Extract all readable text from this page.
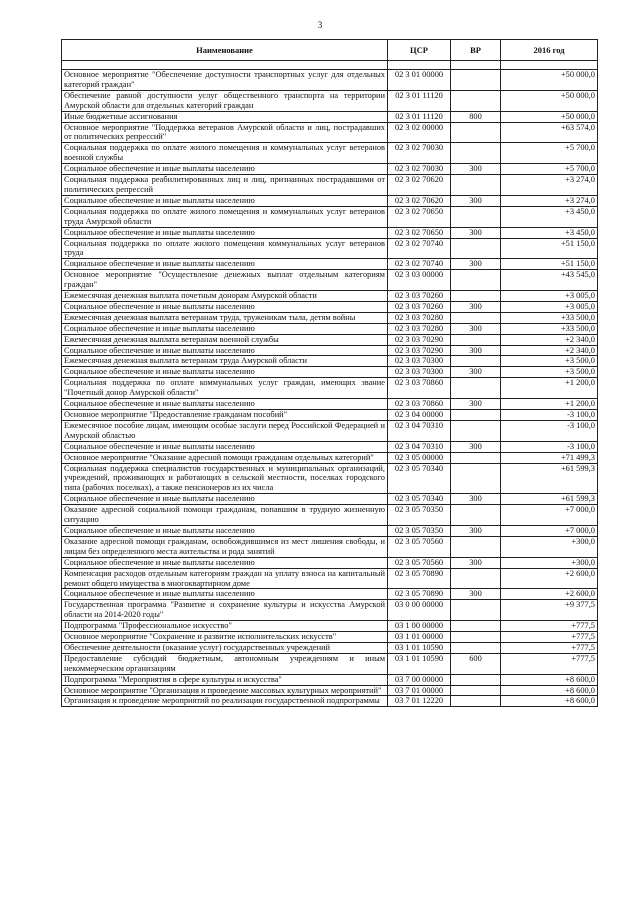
3
Наименование	ЦСР	ВР	2016 год

Основное мероприятие "Обеспечение доступности транспортных услуг для отдельных категорий граждан"	02 3 01 00000		+50 000,0
Обеспечение равной доступности услуг общественного транспорта на территории Амурской области для отдельных категорий граждан	02 3 01 11120		+50 000,0
Иные бюджетные ассигнования	02 3 01 11120	800	+50 000,0
Основное мероприятие "Поддержка ветеранов Амурской области и лиц, пострадавших от политических репрессий"	02 3 02 00000		+63 574,0
Социальная поддержка по оплате жилого помещения и коммунальных услуг ветеранов военной службы	02 3 02 70030		+5 700,0
Социальное обеспечение и иные выплаты населению	02 3 02 70030	300	+5 700,0
Социальная поддержка реабилитированных лиц и лиц, признанных пострадавшими от политических репрессий	02 3 02 70620		+3 274,0
Социальное обеспечение и иные выплаты населению	02 3 02 70620	300	+3 274,0
Социальная поддержка по оплате жилого помещения и коммунальных услуг ветеранов труда Амурской области	02 3 02 70650		+3 450,0
Социальное обеспечение и иные выплаты населению	02 3 02 70650	300	+3 450,0
Социальная поддержка по оплате жилого помещения коммунальных услуг ветеранов труда	02 3 02 70740		+51 150,0
Социальное обеспечение и иные выплаты населению	02 3 02 70740	300	+51 150,0
Основное мероприятие "Осуществление денежных выплат отдельным категориям граждан"	02 3 03 00000		+43 545,0
Ежемесячная денежная выплата почетным донорам Амурской области	02 3 03 70260		+3 005,0
Социальное обеспечение и иные выплаты населению	02 3 03 70260	300	+3 005,0
Ежемесячная денежная выплата ветеранам труда, труженикам тыла, детям войны	02 3 03 70280		+33 500,0
Социальное обеспечение и иные выплаты населению	02 3 03 70280	300	+33 500,0
Ежемесячная денежная выплата ветеранам военной службы	02 3 03 70290		+2 340,0
Социальное обеспечение и иные выплаты населению	02 3 03 70290	300	+2 340,0
Ежемесячная денежная выплата ветеранам труда Амурской области	02 3 03 70300		+3 500,0
Социальное обеспечение и иные выплаты населению	02 3 03 70300	300	+3 500,0
Социальная поддержка по оплате коммунальных услуг граждан, имеющих звание "Почетный донор Амурской области"	02 3 03 70860		+1 200,0
Социальное обеспечение и иные выплаты населению	02 3 03 70860	300	+1 200,0
Основное мероприятие "Предоставление гражданам пособий"	02 3 04 00000		-3 100,0
Ежемесячное пособие лицам, имеющим особые заслуги перед Российской Федерацией и Амурской областью	02 3 04 70310		-3 100,0
Социальное обеспечение и иные выплаты населению	02 3 04 70310	300	-3 100,0
Основное мероприятие "Оказание адресной помощи гражданам отдельных категорий"	02 3 05 00000		+71 499,3
Социальная поддержка специалистов государственных и муниципальных организаций, учреждений, проживающих и работающих в сельской местности, поселках городского типа (рабочих поселках), а также пенсионеров из их числа	02 3 05 70340		+61 599,3
Социальное обеспечение и иные выплаты населению	02 3 05 70340	300	+61 599,3
Оказание адресной социальной помощи гражданам, попавшим в трудную жизненную ситуацию	02 3 05 70350		+7 000,0
Социальное обеспечение и иные выплаты населению	02 3 05 70350	300	+7 000,0
Оказание адресной помощи гражданам, освобождившимся из мест лишения свободы, и лицам без определенного места жительства и рода занятий	02 3 05 70560		+300,0
Социальное обеспечение и иные выплаты населению	02 3 05 70560	300	+300,0
Компенсация расходов отдельным категориям граждан на уплату взноса на капитальный ремонт общего имущества в многоквартирном доме	02 3 05 70890		+2 600,0
Социальное обеспечение и иные выплаты населению	02 3 05 70890	300	+2 600,0
Государственная программа "Развитие и сохранение культуры и искусства Амурской области на 2014-2020 годы"	03 0 00 00000		+9 377,5
Подпрограмма "Профессиональное искусство"	03 1 00 00000		+777,5
Основное мероприятие "Сохранение и развитие исполнительских искусств"	03 1 01 00000		+777,5
Обеспечение деятельности (оказание услуг) государственных учреждений	03 1 01 10590		+777,5
Предоставление субсидий бюджетным, автономным учреждениям и иным некоммерческим организациям	03 1 01 10590	600	+777,5
Подпрограмма "Мероприятия в сфере культуры и искусства"	03 7 00 00000		+8 600,0
Основное мероприятие "Организация и проведение массовых культурных мероприятий"	03 7 01 00000		+8 600,0
Организация и проведение мероприятий по реализации государственной подпрограммы	03 7 01 12220		+8 600,0
